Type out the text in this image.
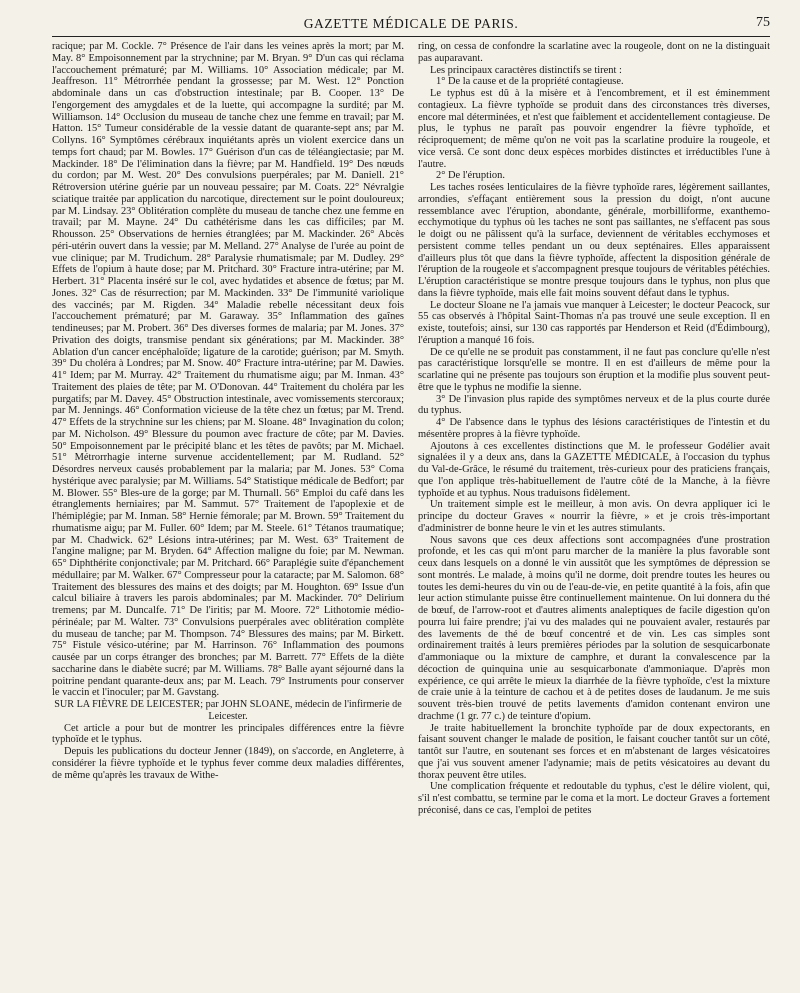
GAZETTE MÉDICALE DE PARIS.	75

racique; par M. Cockle. 7° Présence de l'air dans les veines après la mort; par M. May. 8° Empoisonnement par la strychnine; par M. Bryan. 9° D'un cas qui réclama l'accouchement prématuré; par M. Williams. 10° Association médicale; par M. Jeaffreson. 11° Métrorrhée pendant la grossesse; par M. West. 12° Ponction abdominale dans un cas d'obstruction intestinale; par B. Cooper. 13° De l'engorgement des amygdales et de la luette, qui accompagne la surdité; par M. Williamson. 14° Occlusion du museau de tanche chez une femme en travail; par M. Hatton. 15° Tumeur considérable de la vessie datant de quarante-sept ans; par M. Collyns. 16° Symptômes cérébraux inquiétants après un violent exercice dans un temps fort chaud; par M. Bowles. 17° Guérison d'un cas de téléangiectasie; par M. Mackinder. 18° De l'élimination dans la fièvre; par M. Handfield. 19° Des nœuds du cordon; par M. West. 20° Des convulsions puerpérales; par M. Daniell. 21° Rétroversion utérine guérie par un nouveau pessaire; par M. Coats. 22° Névralgie sciatique traitée par application du narcotique, directement sur le point douloureux; par M. Lindsay. 23° Oblitération complète du museau de tanche chez une femme en travail; par M. Mayne. 24° Du cathétérisme dans les cas difficiles; par M. Rhousson. 25° Observations de hernies étranglées; par M. Mackinder. 26° Abcès péri-utérin ouvert dans la vessie; par M. Melland. 27° Analyse de l'urée au point de vue clinique; par M. Trudichum. 28° Paralysie rhumatismale; par M. Dudley. 29° Effets de l'opium à haute dose; par M. Pritchard. 30° Fracture intra-utérine; par M. Herbert. 31° Placenta inséré sur le col, avec hydatides et absence de fœtus; par M. Jones. 32° Cas de résurrection; par M. Mackinden. 33° De l'immunité variolique des vaccinés; par M. Rigden. 34° Maladie rebelle nécessitant deux fois l'accouchement prématuré; par M. Garaway. 35° Inflammation des gaînes tendineuses; par M. Probert. 36° Des diverses formes de malaria; par M. Jones. 37° Privation des doigts, transmise pendant six générations; par M. Mackinder. 38° Ablation d'un cancer encéphaloïde; ligature de la carotide; guérison; par M. Smyth. 39° Du choléra à Londres; par M. Snow. 40° Fracture intra-utérine; par M. Dawies. 41° Idem; par M. Murray. 42° Traitement du rhumatisme aigu; par M. Inman. 43° Traitement des plaies de tête; par M. O'Donovan. 44° Traitement du choléra par les purgatifs; par M. Davey. 45° Obstruction intestinale, avec vomissements stercoraux; par M. Jennings. 46° Conformation vicieuse de la tête chez un fœtus; par M. Trend. 47° Effets de la strychnine sur les chiens; par M. Sloane. 48° Invagination du colon; par M. Nicholson. 49° Blessure du poumon avec fracture de côte; par M. Davies. 50° Empoisonnement par le précipité blanc et les têtes de pavôts; par M. Michael. 51° Métrorrhagie interne survenue accidentellement; par M. Rudland. 52° Désordres nerveux causés probablement par la malaria; par M. Jones. 53° Coma hystérique avec paralysie; par M. Williams. 54° Statistique médicale de Bedfort; par M. Blower. 55° Bles-ure de la gorge; par M. Thurnall. 56° Emploi du café dans les étranglements herniaires; par M. Sammut. 57° Traitement de l'apoplexie et de l'hémiplégie; par M. Inman. 58° Hernie fémorale; par M. Brown. 59° Traitement du rhumatisme aigu; par M. Fuller. 60° Idem; par M. Steele. 61° Tétanos traumatique; par M. Chadwick. 62° Lésions intra-utérines; par M. West. 63° Traitement de l'angine maligne; par M. Bryden. 64° Affection maligne du foie; par M. Newman. 65° Diphthérite conjonctivale; par M. Pritchard. 66° Paraplégie suite d'épanchement médullaire; par M. Walker. 67° Compresseur pour la cataracte; par M. Salomon. 68° Traitement des blessures des mains et des doigts; par M. Houghton. 69° Issue d'un calcul biliaire à travers les parois abdominales; par M. Mackinder. 70° Delirium tremens; par M. Duncalfe. 71° De l'iritis; par M. Moore. 72° Lithotomie médio-périnéale; par M. Walter. 73° Convulsions puerpérales avec oblitération complète du museau de tanche; par M. Thompson. 74° Blessures des mains; par M. Birkett. 75° Fistule vésico-utérine; par M. Harrinson. 76° Inflammation des poumons causée par un corps étranger des bronches; par M. Barrett. 77° Effets de la diète saccharine dans le diabète sucré; par M. Williams. 78° Balle ayant séjourné dans la poitrine pendant quarante-deux ans; par M. Leach. 79° Instruments pour conserver le vaccin et l'inoculer; par M. Gavstang.

SUR LA FIÈVRE DE LEICESTER; par JOHN SLOANE, médecin de l'infirmerie de Leicester.

Cet article a pour but de montrer les principales différences entre la fièvre typhoïde et le typhus.

Depuis les publications du docteur Jenner (1849), on s'accorde, en Angleterre, à considérer la fièvre typhoïde et le typhus fever comme deux maladies différentes, de même qu'après les travaux de Withe-

ring, on cessa de confondre la scarlatine avec la rougeole, dont on ne la distinguait pas auparavant.

Les principaux caractères distinctifs se tirent :

1° De la cause et de la propriété contagieuse.

Le typhus est dû à la misère et à l'encombrement, et il est éminemment contagieux. La fièvre typhoïde se produit dans des circonstances très diverses, encore mal déterminées, et n'est que faiblement et accidentellement contagieuse. De plus, le typhus ne paraît pas pouvoir engendrer la fièvre typhoïde, et réciproquement; de même qu'on ne voit pas la scarlatine produire la rougeole, et vice versâ. Ce sont donc deux espèces morbides distinctes et irréductibles l'une à l'autre.

2° De l'éruption.

Les taches rosées lenticulaires de la fièvre typhoïde rares, légèrement saillantes, arrondies, s'effaçant entièrement sous la pression du doigt, n'ont aucune ressemblance avec l'éruption, abondante, générale, morbilliforme, exanthemo-ecchymotique du typhus où les taches ne sont pas saillantes, ne s'effacent pas sous le doigt ou ne pâlissent qu'à la surface, deviennent de véritables ecchymoses et persistent comme telles pendant un ou deux septénaires. Elles apparaissent d'ailleurs plus tôt que dans la fièvre typhoïde, affectent la disposition générale de l'éruption de la rougeole et s'accompagnent presque toujours de véritables pétéchies. L'éruption caractéristique se montre presque toujours dans le typhus, non plus que dans la fièvre typhoïde, mais elle fait moins souvent défaut dans le typhus.

Le docteur Sloane ne l'a jamais vue manquer à Leicester; le docteur Peacock, sur 55 cas observés à l'hôpital Saint-Thomas n'a pas trouvé une seule exception. Il en existe, toutefois; ainsi, sur 130 cas rapportés par Henderson et Reid (d'Édimbourg), l'éruption a manqué 16 fois.

De ce qu'elle ne se produit pas constamment, il ne faut pas conclure qu'elle n'est pas caractéristique lorsqu'elle se montre. Il en est d'ailleurs de même pour la scarlatine qui ne présente pas toujours son éruption et la modifie plus souvent peut-être que le typhus ne modifie la sienne.

3° De l'invasion plus rapide des symptômes nerveux et de la plus courte durée du typhus.

4° De l'absence dans le typhus des lésions caractéristiques de l'intestin et du mésentère propres à la fièvre typhoïde.

Ajoutons à ces excellentes distinctions que M. le professeur Godélier avait signalées il y a deux ans, dans la GAZETTE MÉDICALE, à l'occasion du typhus du Val-de-Grâce, le résumé du traitement, très-curieux pour des praticiens français, que l'on applique très-habituellement de l'autre côté de la Manche, à la fièvre typhoïde et au typhus. Nous traduisons fidèlement.

Un traitement simple est le meilleur, à mon avis. On devra appliquer ici le principe du docteur Graves « nourrir la fièvre, » et je crois très-important d'administrer de bonne heure le vin et les autres stimulants.

Nous savons que ces deux affections sont accompagnées d'une prostration profonde, et les cas qui m'ont paru marcher de la manière la plus favorable sont ceux dans lesquels on a donné le vin aussitôt que les symptômes de dépression se sont montrés. Le malade, à moins qu'il ne dorme, doit prendre toutes les heures ou toutes les demi-heures du vin ou de l'eau-de-vie, en petite quantité à la fois, afin que leur action stimulante puisse être continuellement maintenue. On lui donnera du thé de bœuf, de l'arrow-root et d'autres aliments analeptiques de facile digestion qu'on pourra lui faire prendre; j'ai vu des malades qui ne pouvaient avaler, restaurés par des lavements de thé de bœuf concentré et de vin. Les cas simples sont ordinairement traités à leurs premières périodes par la solution de sesquicarbonate d'ammoniaque ou la mixture de camphre, et durant la convalescence par la décoction de quinquina unie au sesquicarbonate d'ammoniaque. D'après mon expérience, ce qui arrête le mieux la diarrhée de la fièvre typhoïde, c'est la mixture de craie unie à la teinture de cachou et à de petites doses de laudanum. Je me suis souvent très-bien trouvé de petits lavements d'amidon contenant environ une drachme (1 gr. 77 c.) de teinture d'opium.

Je traite habituellement la bronchite typhoïde par de doux expectorants, en faisant souvent changer le malade de position, le faisant coucher tantôt sur un côté, tantôt sur l'autre, en soutenant ses forces et en m'abstenant de larges vésicatoires que j'ai vus souvent amener l'adynamie; mais de petits vésicatoires au devant du thorax peuvent être utiles.

Une complication fréquente et redoutable du typhus, c'est le délire violent, qui, s'il n'est combattu, se termine par le coma et la mort. Le docteur Graves a fortement préconisé, dans ce cas, l'emploi de petites
